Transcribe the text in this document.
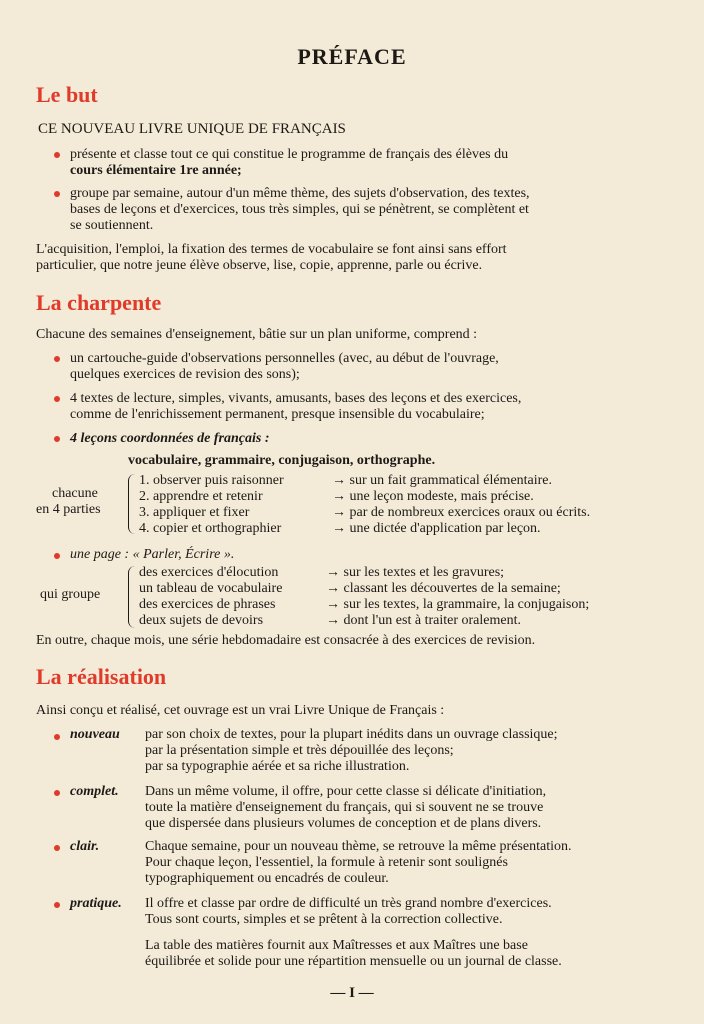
PRÉFACE
Le but
CE NOUVEAU LIVRE UNIQUE DE FRANÇAIS
présente et classe tout ce qui constitue le programme de français des élèves du
cours élémentaire 1re année;
groupe par semaine, autour d'un même thème, des sujets d'observation, des textes,
bases de leçons et d'exercices, tous très simples, qui se pénètrent, se complètent et
se soutiennent.
L'acquisition, l'emploi, la fixation des termes de vocabulaire se font ainsi sans effort
particulier, que notre jeune élève observe, lise, copie, apprenne, parle ou écrive.
La charpente
Chacune des semaines d'enseignement, bâtie sur un plan uniforme, comprend :
un cartouche-guide d'observations personnelles (avec, au début de l'ouvrage,
quelques exercices de revision des sons);
4 textes de lecture, simples, vivants, amusants, bases des leçons et des exercices,
comme de l'enrichissement permanent, presque insensible du vocabulaire;
4 leçons coordonnées de français :
vocabulaire, grammaire, conjugaison, orthographe.
chacune
en 4 parties
1. observer puis raisonner
2. apprendre et retenir
3. appliquer et fixer
4. copier et orthographier
→ sur un fait grammatical élémentaire.
→ une leçon modeste, mais précise.
→ par de nombreux exercices oraux ou écrits.
→ une dictée d'application par leçon.
une page : « Parler, Écrire ».
qui groupe
des exercices d'élocution
un tableau de vocabulaire
des exercices de phrases
deux sujets de devoirs
→ sur les textes et les gravures;
→ classant les découvertes de la semaine;
→ sur les textes, la grammaire, la conjugaison;
→ dont l'un est à traiter oralement.
En outre, chaque mois, une série hebdomadaire est consacrée à des exercices de revision.
La réalisation
Ainsi conçu et réalisé, cet ouvrage est un vrai Livre Unique de Français :
nouveau par son choix de textes, pour la plupart inédits dans un ouvrage classique;
par la présentation simple et très dépouillée des leçons;
par sa typographie aérée et sa riche illustration.
complet. Dans un même volume, il offre, pour cette classe si délicate d'initiation,
toute la matière d'enseignement du français, qui si souvent ne se trouve
que dispersée dans plusieurs volumes de conception et de plans divers.
clair.	Chaque semaine, pour un nouveau thème, se retrouve la même présentation.
Pour chaque leçon, l'essentiel, la formule à retenir sont soulignés
typographiquement ou encadrés de couleur.
pratique. Il offre et classe par ordre de difficulté un très grand nombre d'exercices.
Tous sont courts, simples et se prêtent à la correction collective.
La table des matières fournit aux Maîtresses et aux Maîtres une base
équilibrée et solide pour une répartition mensuelle ou un journal de classe.
— I —
